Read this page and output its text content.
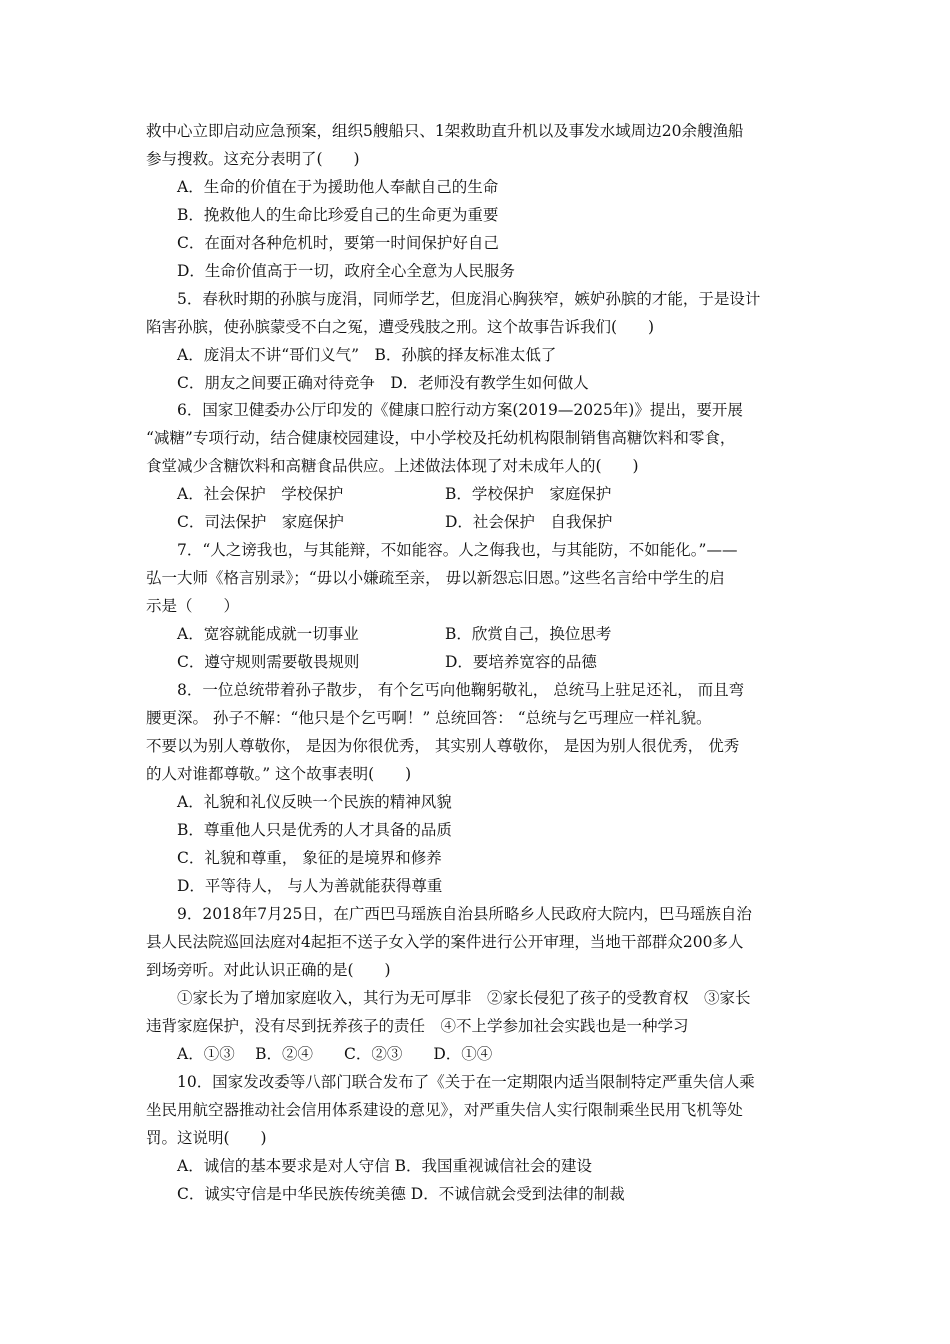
救中心立即启动应急预案，组织5艘船只、1架救助直升机以及事发水域周边20余艘渔船
参与搜救。这充分表明了(　　)
A．生命的价值在于为援助他人奉献自己的生命
B．挽救他人的生命比珍爱自己的生命更为重要
C．在面对各种危机时，要第一时间保护好自己
D．生命价值高于一切，政府全心全意为人民服务
5．春秋时期的孙膑与庞涓，同师学艺，但庞涓心胸狭窄，嫉妒孙膑的才能，于是设计
陷害孙膑，使孙膑蒙受不白之冤，遭受残肢之刑。这个故事告诉我们(　　)
A．庞涓太不讲“哥们义气”　B．孙膑的择友标准太低了
C．朋友之间要正确对待竞争　D．老师没有教学生如何做人
6．国家卫健委办公厅印发的《健康口腔行动方案(2019—2025年)》提出，要开展
“减糖”专项行动，结合健康校园建设，中小学校及托幼机构限制销售高糖饮料和零食，
食堂减少含糖饮料和高糖食品供应。上述做法体现了对未成年人的(　　)
A．社会保护　学校保护	B．学校保护　家庭保护
C．司法保护　家庭保护	D．社会保护　自我保护
7．“人之谤我也，与其能辩，不如能容。人之侮我也，与其能防，不如能化。”——
弘一大师《格言别录》；“毋以小嫌疏至亲， 毋以新怨忘旧恩。”这些名言给中学生的启
示是（　　）
A．宽容就能成就一切事业	B．欣赏自己，换位思考
C．遵守规则需要敬畏规则	D．要培养宽容的品德
8．一位总统带着孙子散步， 有个乞丐向他鞠躬敬礼， 总统马上驻足还礼， 而且弯
腰更深。 孙子不解：“他只是个乞丐啊！” 总统回答： “总统与乞丐理应一样礼貌。
不要以为别人尊敬你， 是因为你很优秀， 其实别人尊敬你， 是因为别人很优秀， 优秀
的人对谁都尊敬。” 这个故事表明(　　)
A．礼貌和礼仪反映一个民族的精神风貌
B．尊重他人只是优秀的人才具备的品质
C．礼貌和尊重， 象征的是境界和修养
D．平等待人， 与人为善就能获得尊重
9．2018年7月25日，在广西巴马瑶族自治县所略乡人民政府大院内，巴马瑶族自治
县人民法院巡回法庭对4起拒不送子女入学的案件进行公开审理，当地干部群众200多人
到场旁听。对此认识正确的是(　　)
①家长为了增加家庭收入，其行为无可厚非　②家长侵犯了孩子的受教育权　③家长
违背家庭保护，没有尽到抚养孩子的责任　④不上学参加社会实践也是一种学习
A．①③　 B．②④　　C．②③　　D．①④
10．国家发改委等八部门联合发布了《关于在一定期限内适当限制特定严重失信人乘
坐民用航空器推动社会信用体系建设的意见》，对严重失信人实行限制乘坐民用飞机等处
罚。这说明(　　)
A．诚信的基本要求是对人守信 B．我国重视诚信社会的建设
C．诚实守信是中华民族传统美德 D．不诚信就会受到法律的制裁
